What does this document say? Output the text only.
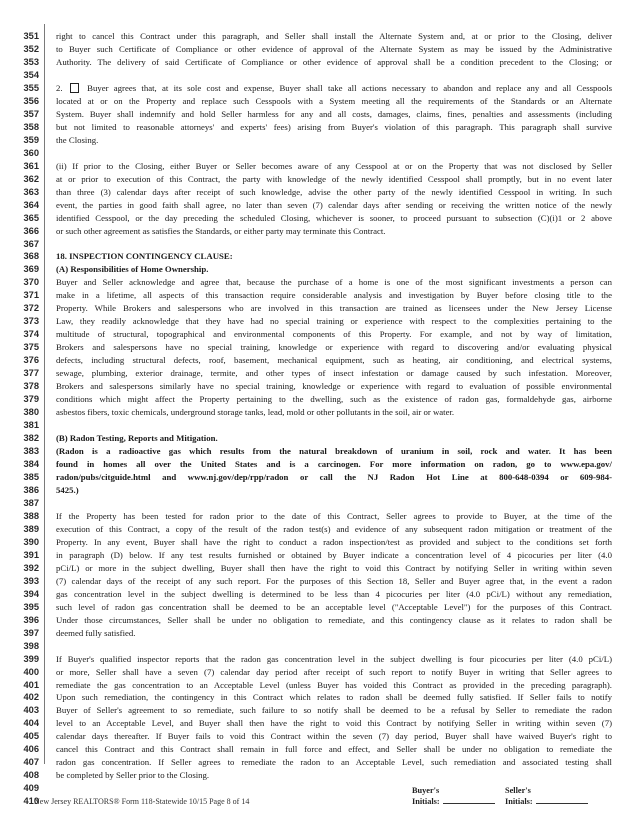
351 right to cancel this Contract under this paragraph, and Seller shall install the Alternate System and, at or prior to the Closing, deliver
352 to Buyer such Certificate of Compliance or other evidence of approval of the Alternate System as may be issued by the Administrative
353 Authority. The delivery of said Certificate of Compliance or other evidence of approval shall be a condition precedent to the Closing; or
354
355 2.  Buyer agrees that, at its sole cost and expense, Buyer shall take all actions necessary to abandon and replace any and all Cesspools
356 located at or on the Property and replace such Cesspools with a System meeting all the requirements of the Standards or an Alternate
357 System. Buyer shall indemnify and hold Seller harmless for any and all costs, damages, claims, fines, penalties and assessments (including
358 but not limited to reasonable attorneys' and experts' fees) arising from Buyer's violation of this paragraph. This paragraph shall survive
359 the Closing.
360
361 (ii) If prior to the Closing, either Buyer or Seller becomes aware of any Cesspool at or on the Property that was not disclosed by Seller
362 at or prior to execution of this Contract, the party with knowledge of the newly identified Cesspool shall promptly, but in no event later
363 than three (3) calendar days after receipt of such knowledge, advise the other party of the newly identified Cesspool in writing. In such
364 event, the parties in good faith shall agree, no later than seven (7) calendar days after sending or receiving the written notice of the newly
365 identified Cesspool, or the day preceding the scheduled Closing, whichever is sooner, to proceed pursuant to subsection (C)(i)1 or 2 above
366 or such other agreement as satisfies the Standards, or either party may terminate this Contract.
367
368 18. INSPECTION CONTINGENCY CLAUSE:
369 (A) Responsibilities of Home Ownership.
370 Buyer and Seller acknowledge and agree that, because the purchase of a home is one of the most significant investments a person can
371 make in a lifetime, all aspects of this transaction require considerable analysis and investigation by Buyer before closing title to the
372 Property. While Brokers and salespersons who are involved in this transaction are trained as licensees under the New Jersey License
373 Law, they readily acknowledge that they have had no special training or experience with respect to the complexities pertaining to the
374 multitude of structural, topographical and environmental components of this Property. For example, and not by way of limitation,
375 Brokers and salespersons have no special training, knowledge or experience with regard to discovering and/or evaluating physical
376 defects, including structural defects, roof, basement, mechanical equipment, such as heating, air conditioning, and electrical systems,
377 sewage, plumbing, exterior drainage, termite, and other types of insect infestation or damage caused by such infestation. Moreover,
378 Brokers and salespersons similarly have no special training, knowledge or experience with regard to evaluation of possible environmental
379 conditions which might affect the Property pertaining to the dwelling, such as the existence of radon gas, formaldehyde gas, airborne
380 asbestos fibers, toxic chemicals, underground storage tanks, lead, mold or other pollutants in the soil, air or water.
381
382 (B) Radon Testing, Reports and Mitigation.
383 (Radon is a radioactive gas which results from the natural breakdown of uranium in soil, rock and water. It has been
384 found in homes all over the United States and is a carcinogen. For more information on radon, go to www.epa.gov/
385 radon/pubs/citguide.html and www.nj.gov/dep/rpp/radon or call the NJ Radon Hot Line at 800-648-0394 or 609-984-
386 5425.)
387
388 If the Property has been tested for radon prior to the date of this Contract, Seller agrees to provide to Buyer, at the time of the
389 execution of this Contract, a copy of the result of the radon test(s) and evidence of any subsequent radon mitigation or treatment of the
390 Property. In any event, Buyer shall have the right to conduct a radon inspection/test as provided and subject to the conditions set forth
391 in paragraph (D) below. If any test results furnished or obtained by Buyer indicate a concentration level of 4 picocuries per liter (4.0
392 pCi/L) or more in the subject dwelling, Buyer shall then have the right to void this Contract by notifying Seller in writing within seven
393 (7) calendar days of the receipt of any such report. For the purposes of this Section 18, Seller and Buyer agree that, in the event a radon
394 gas concentration level in the subject dwelling is determined to be less than 4 picocuries per liter (4.0 pCi/L) without any remediation,
395 such level of radon gas concentration shall be deemed to be an acceptable level ("Acceptable Level") for the purposes of this Contract.
396 Under those circumstances, Seller shall be under no obligation to remediate, and this contingency clause as it relates to radon shall be
397 deemed fully satisfied.
398
399 If Buyer's qualified inspector reports that the radon gas concentration level in the subject dwelling is four picocuries per liter (4.0 pCi/L)
400 or more, Seller shall have a seven (7) calendar day period after receipt of such report to notify Buyer in writing that Seller agrees to
401 remediate the gas concentration to an Acceptable Level (unless Buyer has voided this Contract as provided in the preceding paragraph).
402 Upon such remediation, the contingency in this Contract which relates to radon shall be deemed fully satisfied. If Seller fails to notify
403 Buyer of Seller's agreement to so remediate, such failure to so notify shall be deemed to be a refusal by Seller to remediate the radon
404 level to an Acceptable Level, and Buyer shall then have the right to void this Contract by notifying Seller in writing within seven (7)
405 calendar days thereafter. If Buyer fails to void this Contract within the seven (7) day period, Buyer shall have waived Buyer's right to
406 cancel this Contract and this Contract shall remain in full force and effect, and Seller shall be under no obligation to remediate the
407 radon gas concentration. If Seller agrees to remediate the radon to an Acceptable Level, such remediation and associated testing shall
408 be completed by Seller prior to the Closing.
409
410
New Jersey REALTORS® Form 118-Statewide 10/15 Page 8 of 14
Buyer's
Initials:
Seller's
Initials:
